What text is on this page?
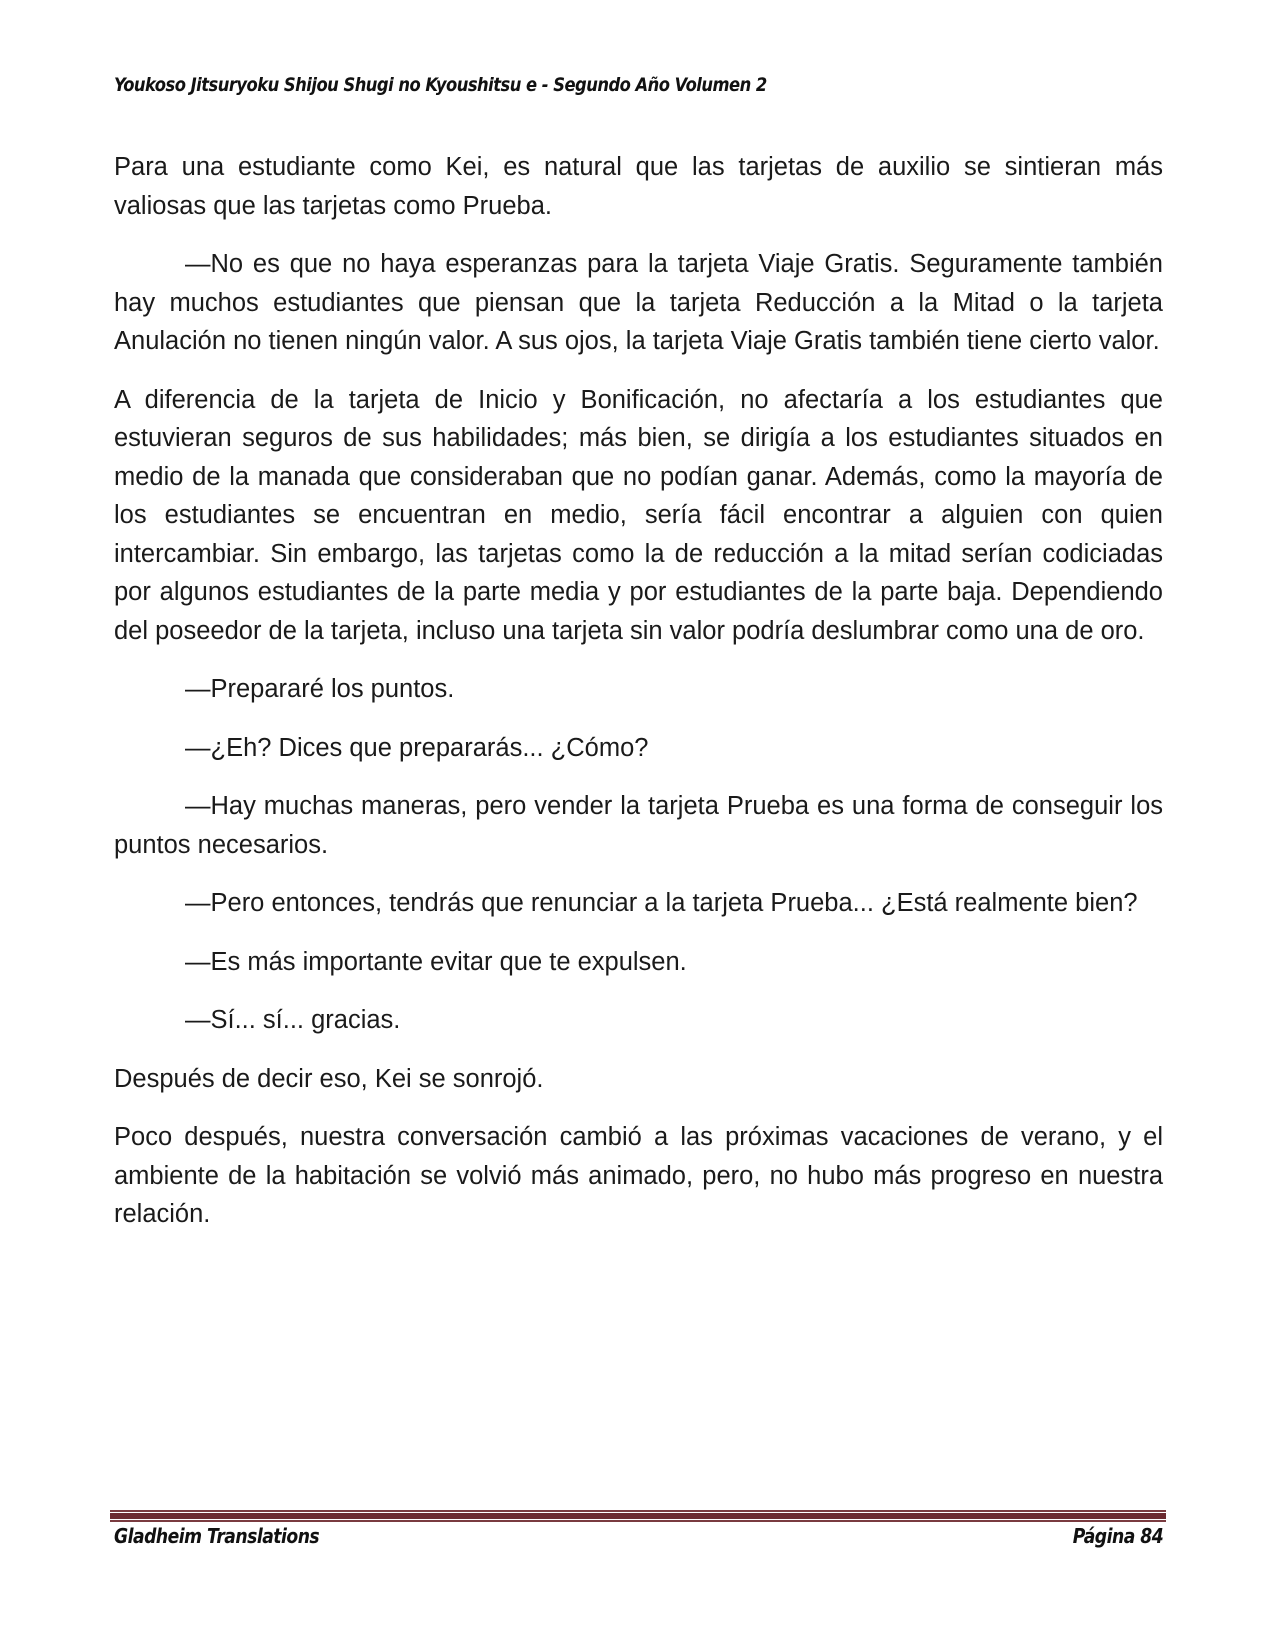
Youkoso Jitsuryoku Shijou Shugi no Kyoushitsu e - Segundo Año Volumen 2

Para una estudiante como Kei, es natural que las tarjetas de auxilio se sintieran más valiosas que las tarjetas como Prueba.

—No es que no haya esperanzas para la tarjeta Viaje Gratis. Seguramente también hay muchos estudiantes que piensan que la tarjeta Reducción a la Mitad o la tarjeta Anulación no tienen ningún valor. A sus ojos, la tarjeta Viaje Gratis también tiene cierto valor.

A diferencia de la tarjeta de Inicio y Bonificación, no afectaría a los estudiantes que estuvieran seguros de sus habilidades; más bien, se dirigía a los estudiantes situados en medio de la manada que consideraban que no podían ganar. Además, como la mayoría de los estudiantes se encuentran en medio, sería fácil encontrar a alguien con quien intercambiar. Sin embargo, las tarjetas como la de reducción a la mitad serían codiciadas por algunos estudiantes de la parte media y por estudiantes de la parte baja. Dependiendo del poseedor de la tarjeta, incluso una tarjeta sin valor podría deslumbrar como una de oro.

—Prepararé los puntos.

—¿Eh? Dices que prepararás... ¿Cómo?

—Hay muchas maneras, pero vender la tarjeta Prueba es una forma de conseguir los puntos necesarios.

—Pero entonces, tendrás que renunciar a la tarjeta Prueba... ¿Está realmente bien?

—Es más importante evitar que te expulsen.

—Sí... sí... gracias.

Después de decir eso, Kei se sonrojó.

Poco después, nuestra conversación cambió a las próximas vacaciones de verano, y el ambiente de la habitación se volvió más animado, pero, no hubo más progreso en nuestra relación.

Gladheim Translations	Página 84
